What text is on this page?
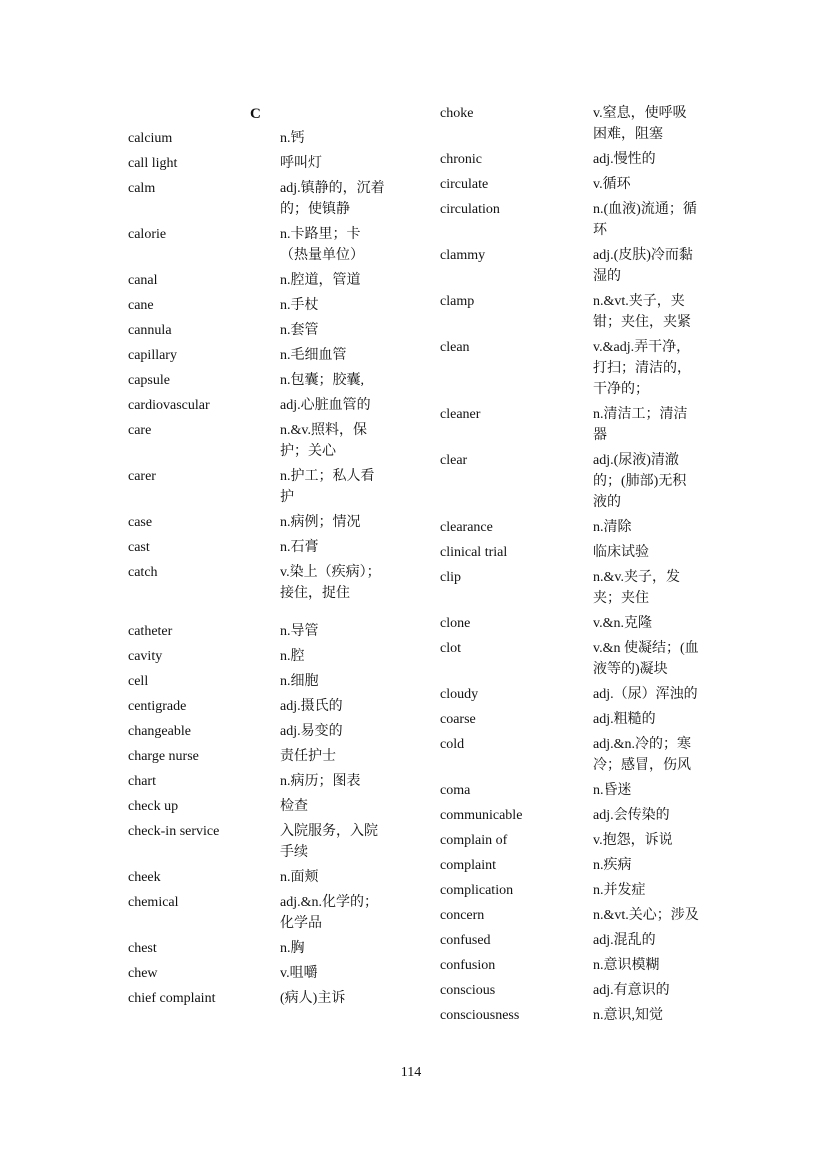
C
calcium	n.钙
call light	呼叫灯
calm	adj.镇静的，沉着的；使镇静
calorie	n.卡路里；卡（热量单位）
canal	n.腔道，管道
cane	n.手杖
cannula	n.套管
capillary	n.毛细血管
capsule	n.包囊；胶囊,
cardiovascular	adj.心脏血管的
care	n.&v.照料，保护；关心
carer	n.护工；私人看护
case	n.病例；情况
cast	n.石膏
catch	v.染上（疾病）；接住，捉住
catheter	n.导管
cavity	n.腔
cell	n.细胞
centigrade	adj.摄氏的
changeable	adj.易变的
charge nurse	责任护士
chart	n.病历；图表
check up	检查
check-in service	入院服务，入院手续
cheek	n.面颊
chemical	adj.&n.化学的；化学品
chest	n.胸
chew	v.咀嚼
chief complaint	(病人)主诉
choke	v.窒息，使呼吸困难，阻塞
chronic	adj.慢性的
circulate	v.循环
circulation	n.(血液)流通；循环
clammy	adj.(皮肤)冷而黏湿的
clamp	n.&vt.夹子，夹钳；夹住，夹紧
clean	v.&adj.弄干净，打扫；清洁的，干净的；
cleaner	n.清洁工；清洁器
clear	adj.(尿液)清澈的；(肺部)无积液的
clearance	n.清除
clinical trial	临床试验
clip	n.&v.夹子，发夹；夹住
clone	v.&n.克隆
clot	v.&n 使凝结；(血液等的)凝块
cloudy	adj.（尿）浑浊的
coarse	adj.粗糙的
cold	adj.&n.冷的；寒冷；感冒，伤风
coma	n.昏迷
communicable	adj.会传染的
complain of	v.抱怨，诉说
complaint	n.疾病
complication	n.并发症
concern	n.&vt.关心；涉及
confused	adj.混乱的
confusion	n.意识模糊
conscious	adj.有意识的
consciousness	n.意识,知觉
114
